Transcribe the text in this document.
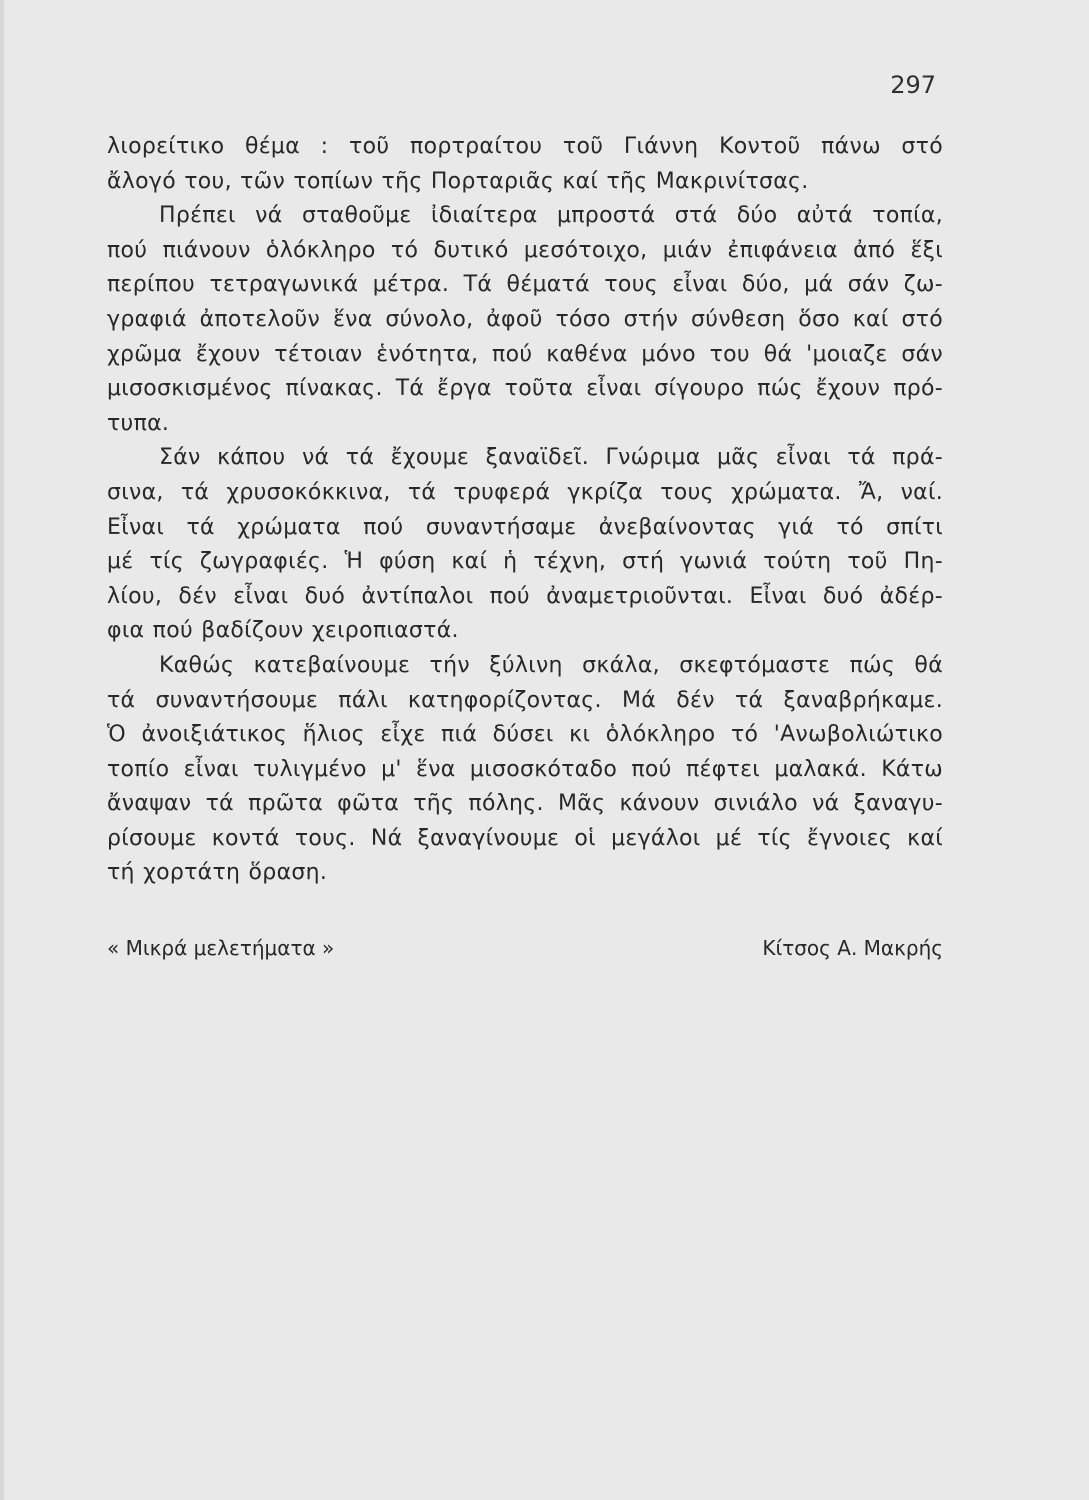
297
λιορείτικο θέμα : τοῦ πορτραίτου τοῦ Γιάννη Κοντοῦ πάνω στό
ἄλογό του, τῶν τοπίων τῆς Πορταριᾶς καί τῆς Μακρινίτσας.
Πρέπει νά σταθοῦμε ἰδιαίτερα μπροστά στά δύο αὐτά τοπία,
πού πιάνουν ὁλόκληρο τό δυτικό μεσότοιχο, μιάν ἐπιφάνεια ἀπό ἕξι
περίπου τετραγωνικά μέτρα. Τά θέματά τους εἶναι δύο, μά σάν ζω-
γραφιά ἀποτελοῦν ἕνα σύνολο, ἀφοῦ τόσο στήν σύνθεση ὅσο καί στό
χρῶμα ἔχουν τέτοιαν ἑνότητα, πού καθένα μόνο του θά 'μοιαζε σάν
μισοσκισμένος πίνακας. Τά ἔργα τοῦτα εἶναι σίγουρο πώς ἔχουν πρό-
τυπα.
Σάν κάπου νά τά ἔχουμε ξαναϊδεῖ. Γνώριμα μᾶς εἶναι τά πρά-
σινα, τά χρυσοκόκκινα, τά τρυφερά γκρίζα τους χρώματα. Ἄ, ναί.
Εἶναι τά χρώματα πού συναντήσαμε ἀνεβαίνοντας γιά τό σπίτι
μέ τίς ζωγραφιές. Ἡ φύση καί ἡ τέχνη, στή γωνιά τούτη τοῦ Πη-
λίου, δέν εἶναι δυό ἀντίπαλοι πού ἀναμετριοῦνται. Εἶναι δυό ἀδέρ-
φια πού βαδίζουν χειροπιαστά.
Καθώς κατεβαίνουμε τήν ξύλινη σκάλα, σκεφτόμαστε πώς θά
τά συναντήσουμε πάλι κατηφορίζοντας. Μά δέν τά ξαναβρήκαμε.
Ὁ ἀνοιξιάτικος ἥλιος εἶχε πιά δύσει κι ὁλόκληρο τό 'Ανωβολιώτικο
τοπίο εἶναι τυλιγμένο μ' ἕνα μισοσκόταδο πού πέφτει μαλακά. Κάτω
ἄναψαν τά πρῶτα φῶτα τῆς πόλης. Μᾶς κάνουν σινιάλο νά ξαναγυ-
ρίσουμε κοντά τους. Νά ξαναγίνουμε οἱ μεγάλοι μέ τίς ἔγνοιες καί
τή χορτάτη ὅραση.
« Μικρά μελετήματα »	Κίτσος Α. Μακρής
